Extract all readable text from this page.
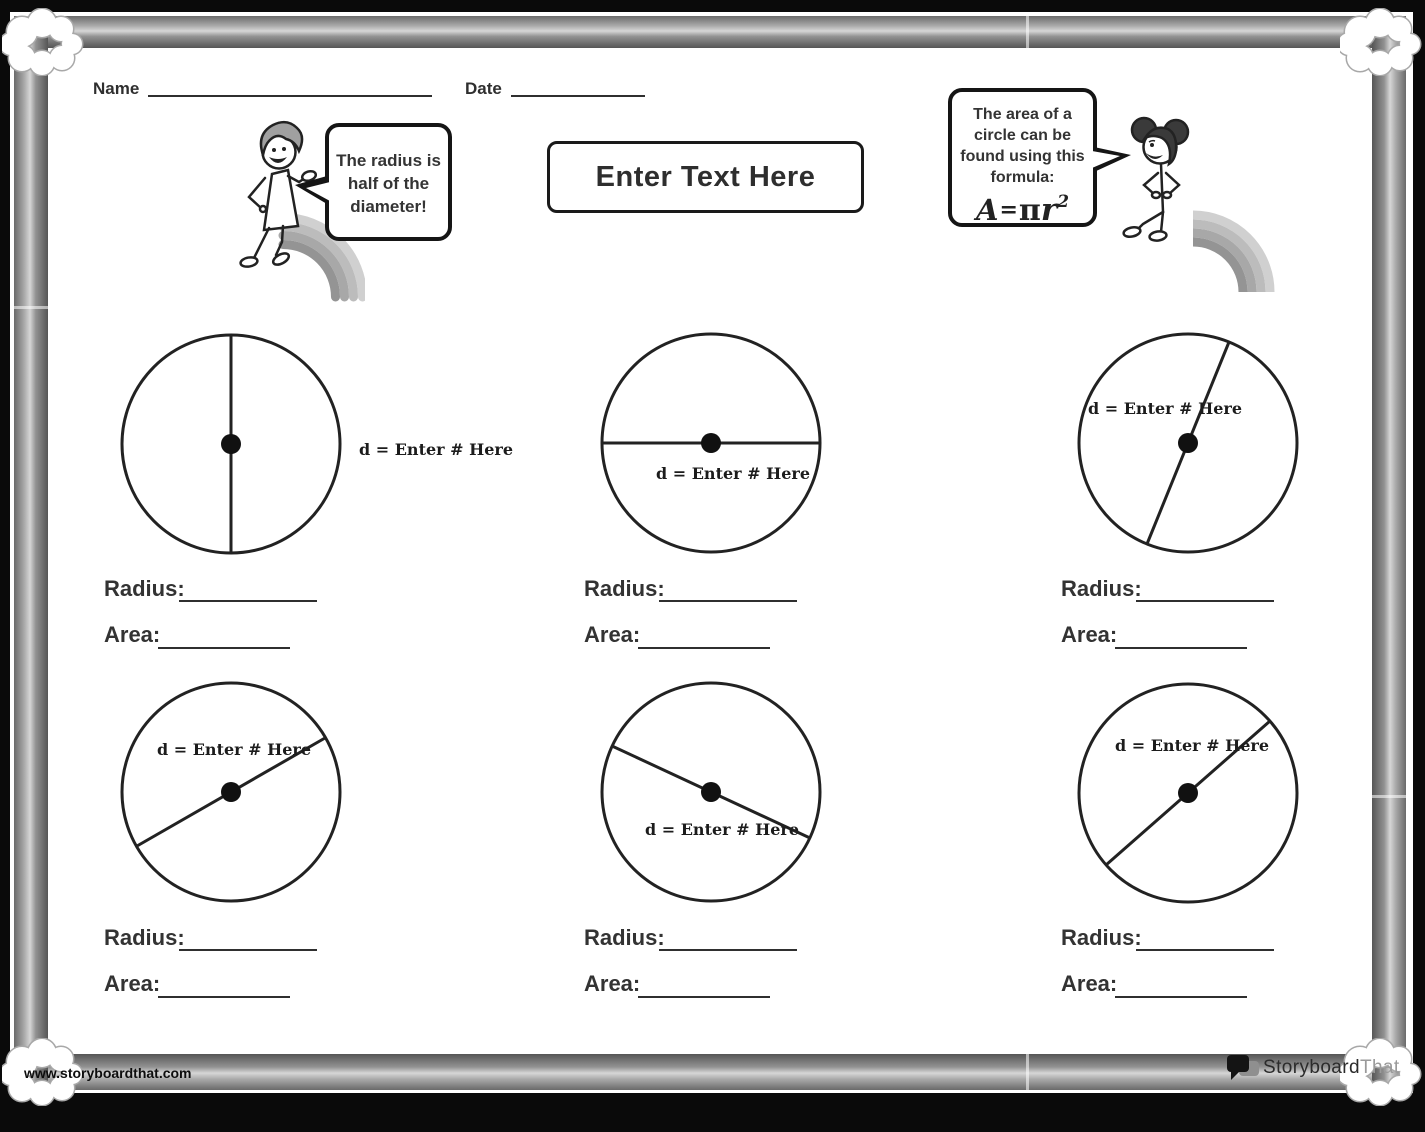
Name	Date
The radius is half of the diameter!
Enter Text Here
The area of a circle can be found using this formula:
A=πr2
d = Enter # Here
d = Enter # Here
d = Enter # Here
Radius:
Area:
Radius:
Area:
Radius:
Area:
d = Enter # Here
d = Enter # Here
d = Enter # Here
Radius:
Area:
Radius:
Area:
Radius:
Area:
www.storyboardthat.com	StoryboardThat
